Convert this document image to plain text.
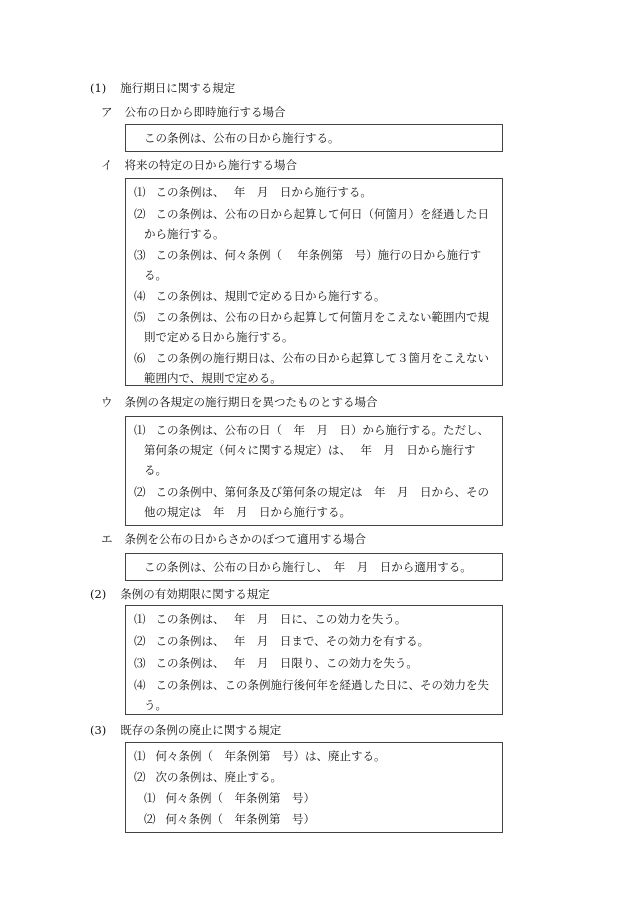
(1) 施行期日に関する規定
ア 公布の日から即時施行する場合
この条例は、公布の日から施行する。
イ 将来の特定の日から施行する場合
⑴ この条例は、　 年　月　日から施行する。
⑵ この条例は、公布の日から起算して何日（何箇月）を経過した日
から施行する。
⑶ この条例は、何々条例（　 年条例第　号）施行の日から施行す
る。
⑷ この条例は、規則で定める日から施行する。
⑸ この条例は、公布の日から起算して何箇月をこえない範囲内で規
則で定める日から施行する。
⑹ この条例の施行期日は、公布の日から起算して３箇月をこえない
範囲内で、規則で定める。
ウ 条例の各規定の施行期日を異つたものとする場合
⑴ この条例は、公布の日（　年　月　日）から施行する。ただし、
第何条の規定（何々に関する規定）は、　 年　月　日から施行す
る。
⑵ この条例中、第何条及び第何条の規定は　年　月　日から、その
他の規定は　年　月　日から施行する。
エ 条例を公布の日からさかのぼつて適用する場合
この条例は、公布の日から施行し、　年　月　日から適用する。
(2) 条例の有効期限に関する規定
⑴ この条例は、　 年　月　日に、この効力を失う。
⑵ この条例は、　 年　月　日まで、その効力を有する。
⑶ この条例は、　 年　月　日限り、この効力を失う。
⑷ この条例は、この条例施行後何年を経過した日に、その効力を失
う。
(3) 既存の条例の廃止に関する規定
⑴ 何々条例（　年条例第　号）は、廃止する。
⑵ 次の条例は、廃止する。
⑴ 何々条例（　年条例第　号）
⑵ 何々条例（　年条例第　号）
